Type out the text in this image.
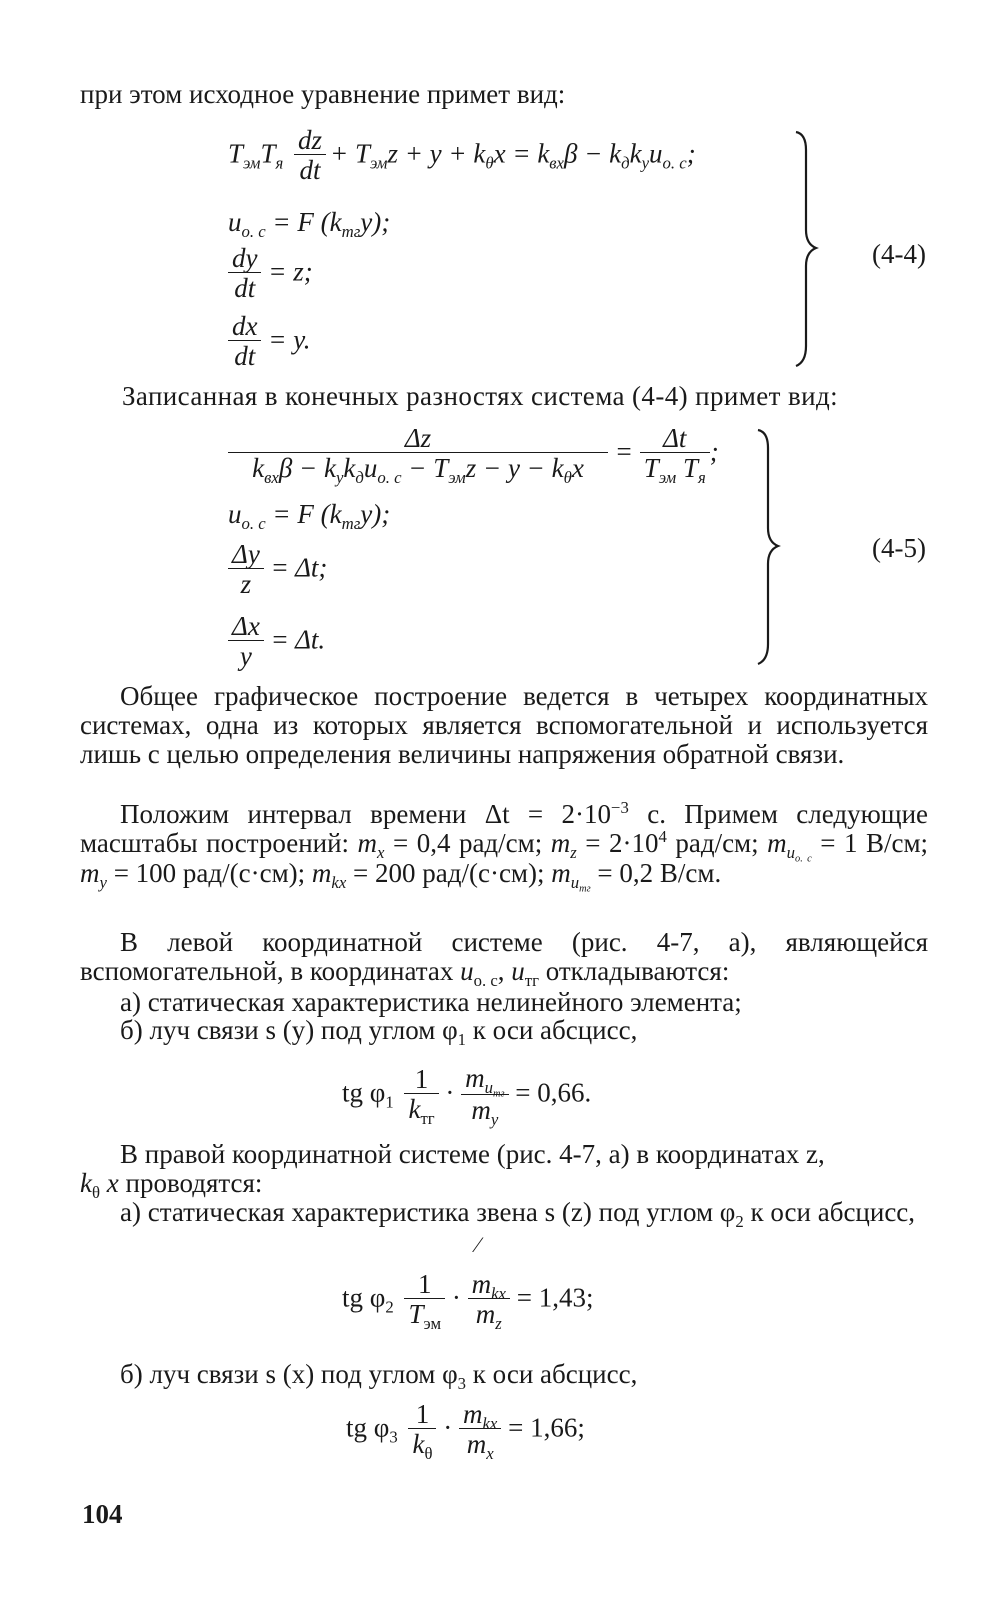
при этом исходное уравнение примет вид:
$T_{эм}T_я \frac{dz}{dt} + T_{эм}z + y + k_\theta x = k_{вх}\beta - k_дk_уu_{о. с}$;
$u_{о. с} = F$ $(k_{тг}y)$;
$\frac{dy}{dt} = z$;
$\frac{dx}{dt} = y$.
(4-4)
Записанная в конечных разностях система (4-4) примет вид:
$\frac{\Delta z}{k_{вх}\beta - k_уk_дu_{о. с} - T_{эм}z - y - k_\theta x} = \frac{\Delta t}{T_{эм} T_я}$ ;
$u_{о. с} = F$ $(k_{тг}y)$;
$\frac{\Delta y}{z} = \Delta t$;
$\frac{\Delta x}{y} = \Delta t$.
(4-5)
Общее графическое построение ведется в четырех координатных системах, одна из которых является вспомогательной и используется лишь с целью определения величины напряжения обратной связи.
Положим интервал времени $\Delta t = 2\cdot 10^{-3}$ с. Примем следующие масштабы построений: $m_x = 0,4$ рад/см; $m_z = 2\cdot 10^4$ рад/см; $m_{u_{о. с}} = 1$ В/см; $m_y = 100$ рад/(с·см); $m_{kx} = 200$ рад/(с·см); $m_{u_{тг}} = 0,2$ В/см.
В левой координатной системе (рис. 4-7, а), являющейся вспомогательной, в координатах $u_{о. с}$, $u_{тг}$ откладываются:
а) статическая характеристика нелинейного элемента;
б) луч связи s (y) под углом $\varphi_1$ к оси абсцисс,
tg $\varphi_1 \frac{1}{k_{тг}} \cdot \frac{m_{u_{тг}}}{m_y} = 0,66$.
В правой координатной системе (рис. 4-7, а) в координатах z,
$k_\theta$ x проводятся:
а) статическая характеристика звена s (z) под углом $\varphi_2$ к оси абсцисс,
⁄
tg $\varphi_2 \frac{1}{T_{эм}} \cdot \frac{m_{kx}}{m_z} = 1,43$;
б) луч связи s (x) под углом $\varphi_3$ к оси абсцисс,
tg $\varphi_3 \frac{1}{k_\theta} \cdot \frac{m_{kx}}{m_x} = 1,66$;
104
